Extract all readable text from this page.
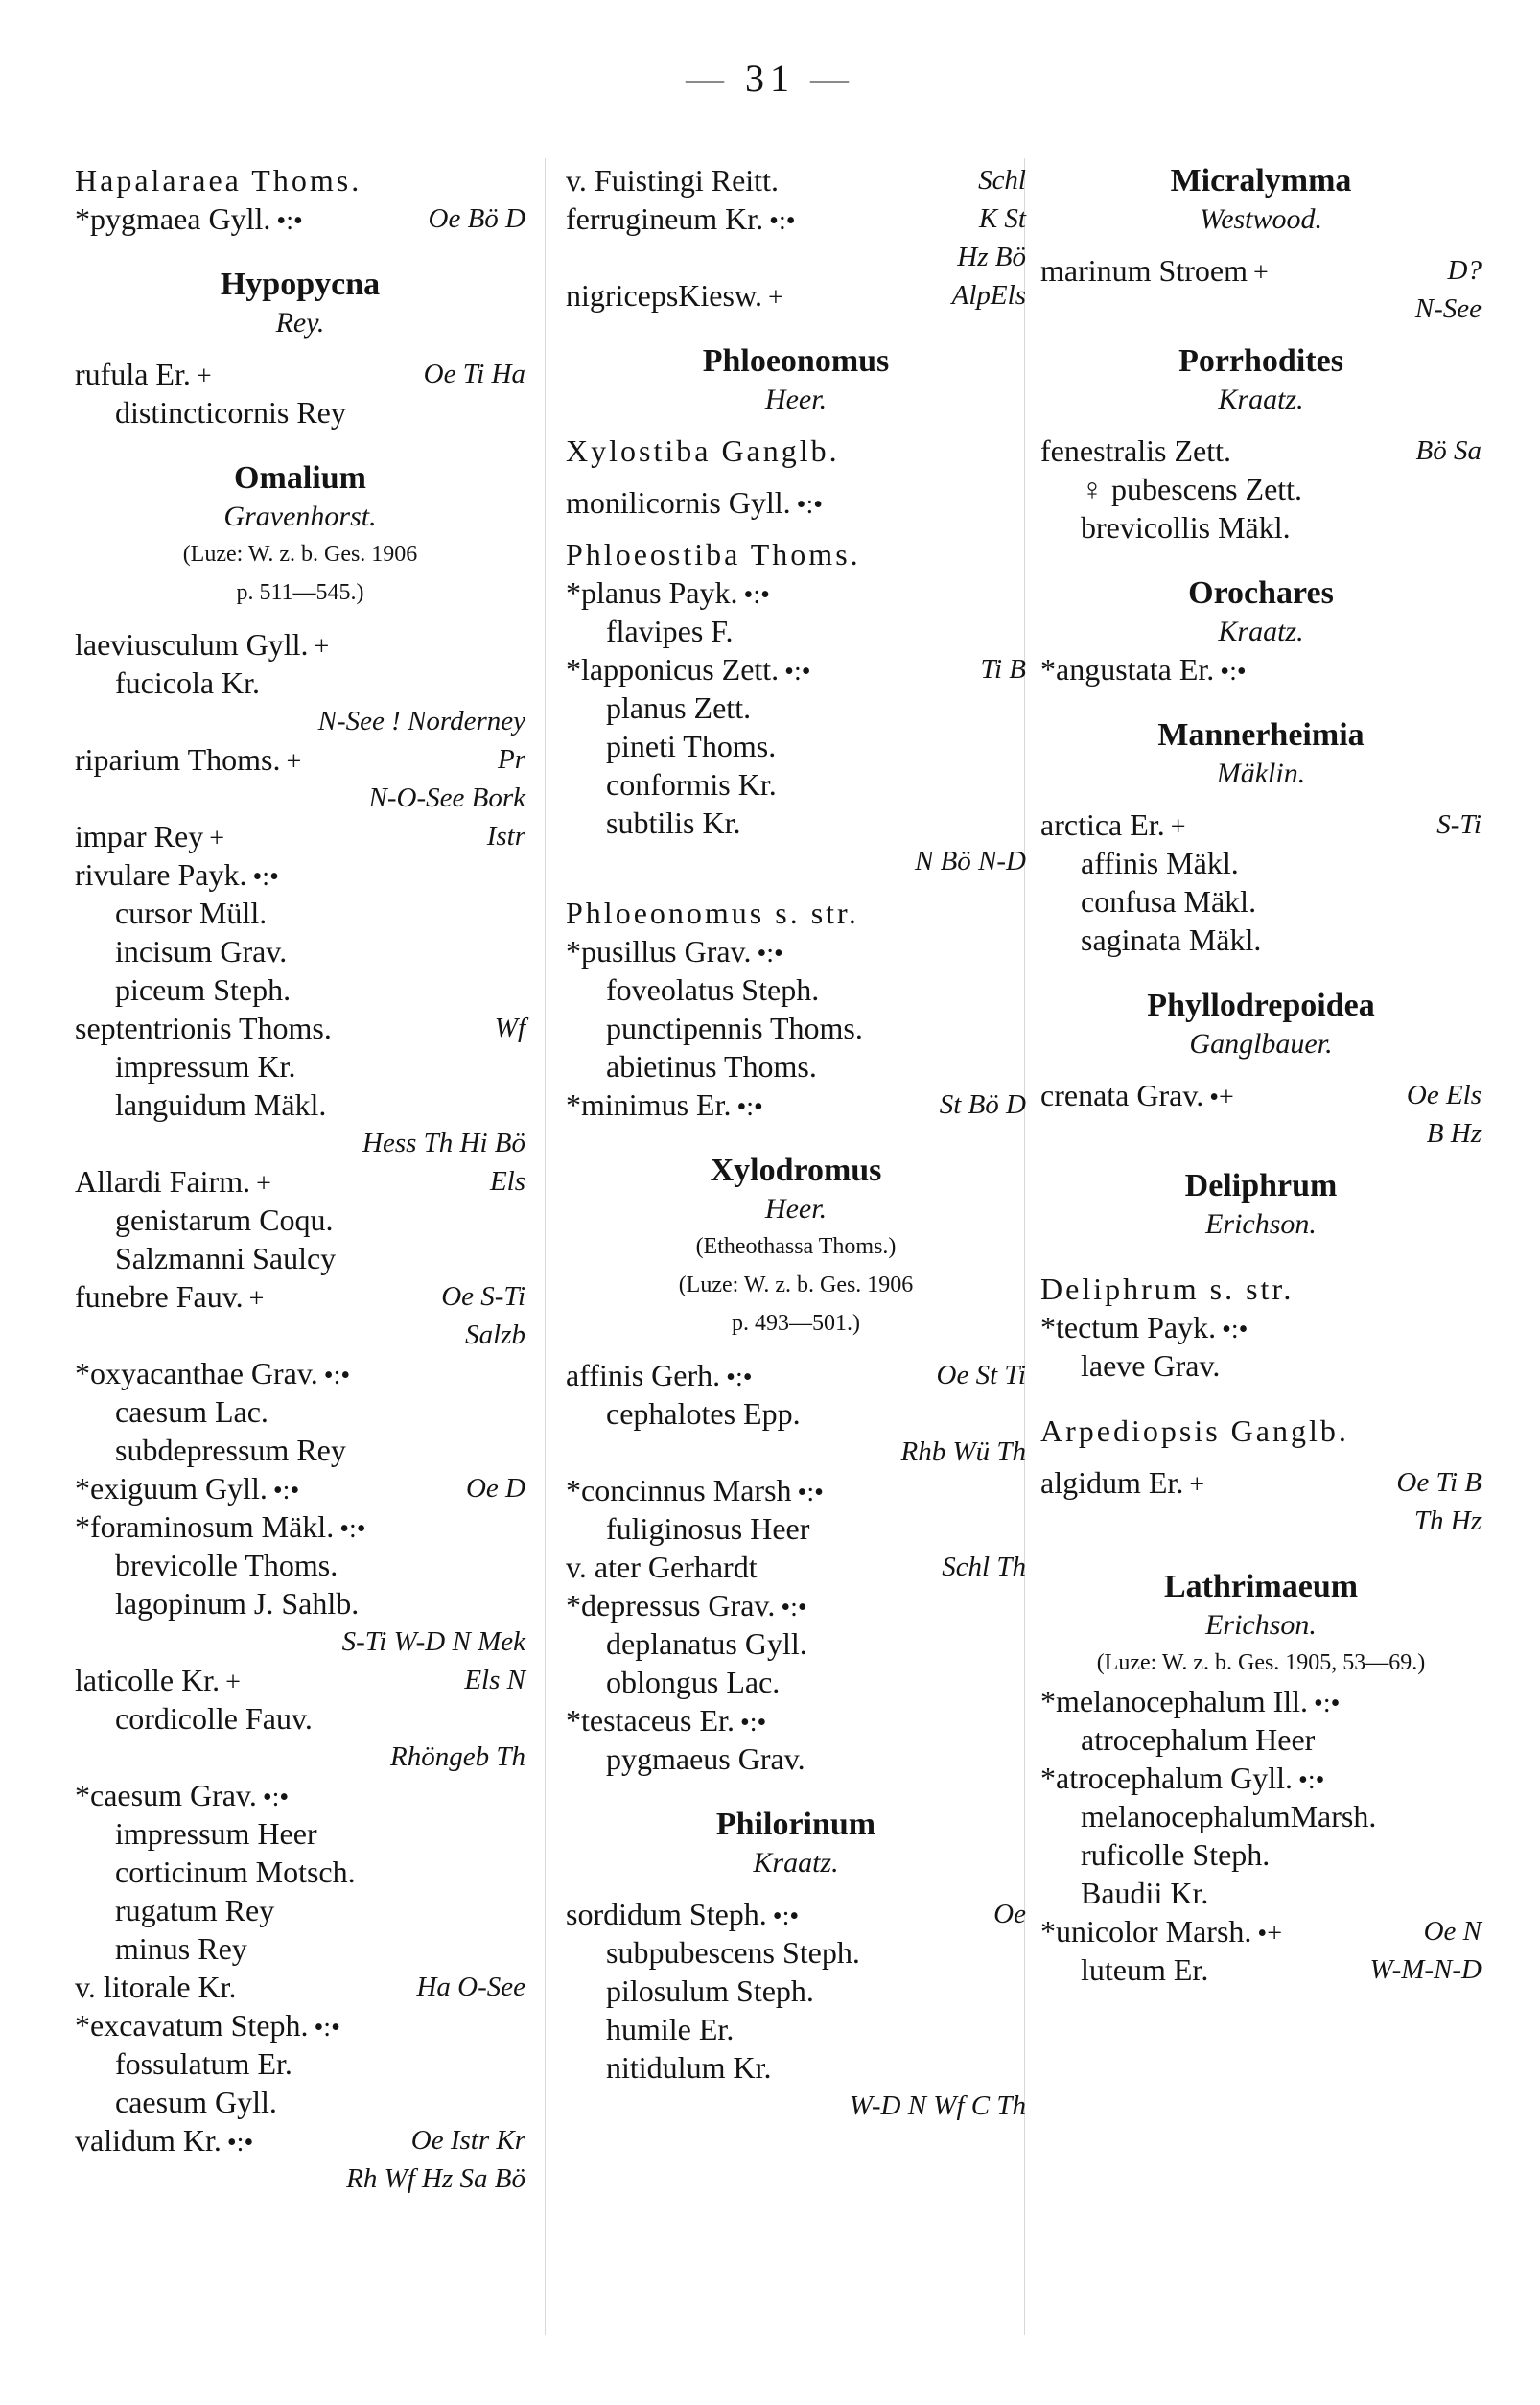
— 31 —
Hapalaraea Thoms.
*pygmaea Gyll. •:•	Oe Bö D
Hypopycna
Rey.
rufula Er. +	Oe Ti Ha
distincticornis Rey
Omalium
Gravenhorst.
(Luze: W. z. b. Ges. 1906
p. 511—545.)
laeviusculum Gyll. +
fucicola Kr.
N-See ! Norderney
riparium Thoms. +	Pr
N-O-See Bork
impar Rey +	Istr
rivulare Payk. •:•
cursor Müll.
incisum Grav.
piceum Steph.
septentrionis Thoms.	Wf
impressum Kr.
languidum Mäkl.
Hess Th Hi Bö
Allardi Fairm. +	Els
genistarum Coqu.
Salzmanni Saulcy
funebre Fauv. +	Oe S-Ti
Salzb
*oxyacanthae Grav. •:•
caesum Lac.
subdepressum Rey
*exiguum Gyll. •:•	Oe D
*foraminosum Mäkl. •:•
brevicolle Thoms.
lagopinum J. Sahlb.
S-Ti W-D N Mek
laticolle Kr. +	Els N
cordicolle Fauv.
Rhöngeb Th
*caesum Grav. •:•
impressum Heer
corticinum Motsch.
rugatum Rey
minus Rey
v. litorale Kr.	Ha O-See
*excavatum Steph. •:•
fossulatum Er.
caesum Gyll.
validum Kr. •:•	Oe Istr Kr
Rh Wf Hz Sa Bö
v. Fuistingi Reitt.	Schl
ferrugineum Kr. •:•	K St
Hz Bö
nigricepsKiesw. +	AlpEls
Phloeonomus
Heer.
Xylostiba Ganglb.
monilicornis Gyll. •:•
Phloeostiba Thoms.
*planus Payk. •:•
flavipes F.
*lapponicus Zett. •:•	Ti B
planus Zett.
pineti Thoms.
conformis Kr.
subtilis Kr.
N Bö N-D
Phloeonomus s. str.
*pusillus Grav. •:•
foveolatus Steph.
punctipennis Thoms.
abietinus Thoms.
*minimus Er. •:•	St Bö D
Xylodromus
Heer.
(Etheothassa Thoms.)
(Luze: W. z. b. Ges. 1906
p. 493—501.)
affinis Gerh. •:•	Oe St Ti
cephalotes Epp.
Rhb Wü Th
*concinnus Marsh •:•
fuliginosus Heer
v. ater Gerhardt	Schl Th
*depressus Grav. •:•
deplanatus Gyll.
oblongus Lac.
*testaceus Er. •:•
pygmaeus Grav.
Philorinum
Kraatz.
sordidum Steph. •:•	Oe
subpubescens Steph.
pilosulum Steph.
humile Er.
nitidulum Kr.
W-D N Wf C Th
Micralymma
Westwood.
marinum Stroem +	D?
N-See
Porrhodites
Kraatz.
fenestralis Zett.	Bö Sa
♀ pubescens Zett.
brevicollis Mäkl.
Orochares
Kraatz.
*angustata Er. •:•
Mannerheimia
Mäklin.
arctica Er. +	S-Ti
affinis Mäkl.
confusa Mäkl.
saginata Mäkl.
Phyllodrepoidea
Ganglbauer.
crenata Grav. •+	Oe Els
B Hz
Deliphrum
Erichson.
Deliphrum s. str.
*tectum Payk. •:•
laeve Grav.
Arpediopsis Ganglb.
algidum Er. +	Oe Ti B
Th Hz
Lathrimaeum
Erichson.
(Luze: W. z. b. Ges. 1905, 53—69.)
*melanocephalum Ill. •:•
atrocephalum Heer
*atrocephalum Gyll. •:•
melanocephalumMarsh.
ruficolle Steph.
Baudii Kr.
*unicolor Marsh. •+	Oe N
luteum Er.	W-M-N-D
